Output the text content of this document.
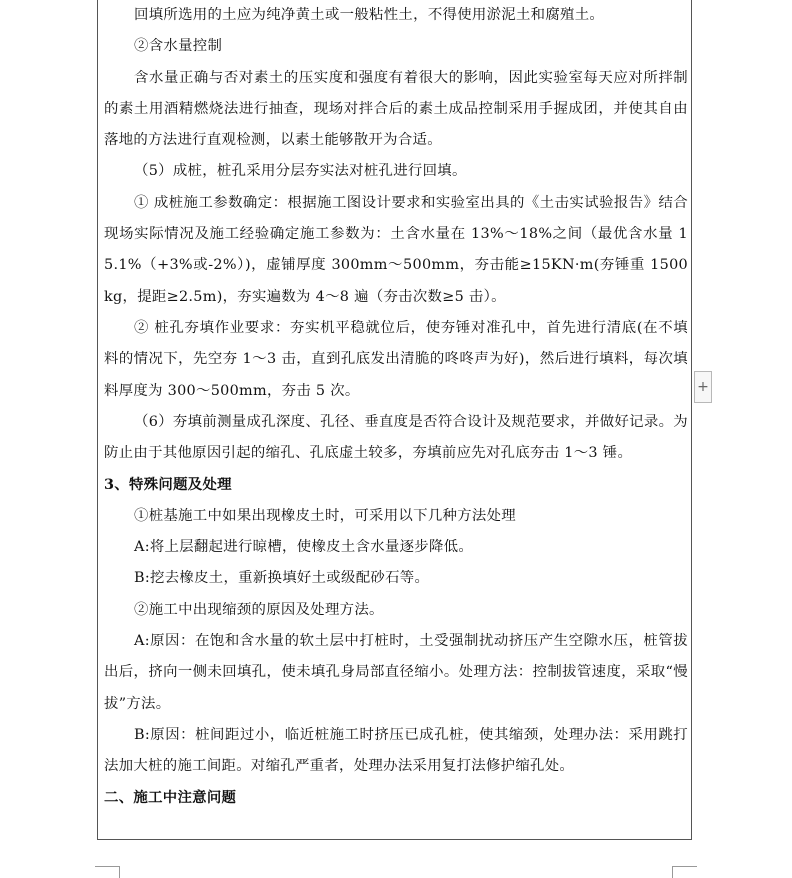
回填所选用的土应为纯净黄土或一般粘性土，不得使用淤泥土和腐殖土。

②含水量控制

含水量正确与否对素土的压实度和强度有着很大的影响，因此实验室每天应对所拌制的素土用酒精燃烧法进行抽查，现场对拌合后的素土成品控制采用手握成团，并使其自由落地的方法进行直观检测，以素土能够散开为合适。

（5）成桩，桩孔采用分层夯实法对桩孔进行回填。

① 成桩施工参数确定：根据施工图设计要求和实验室出具的《土击实试验报告》结合现场实际情况及施工经验确定施工参数为：土含水量在 13%～18%之间（最优含水量 15.1%（+3%或-2%）)，虚铺厚度 300mm～500mm，夯击能≥15KN·m(夯锤重 1500kg，提距≥2.5m)，夯实遍数为 4～8 遍（夯击次数≥5 击）。

② 桩孔夯填作业要求：夯实机平稳就位后，使夯锤对准孔中，首先进行清底(在不填料的情况下，先空夯 1～3 击，直到孔底发出清脆的咚咚声为好)，然后进行填料，每次填料厚度为 300～500mm，夯击 5 次。

（6）夯填前测量成孔深度、孔径、垂直度是否符合设计及规范要求，并做好记录。为防止由于其他原因引起的缩孔、孔底虚土较多，夯填前应先对孔底夯击 1～3 锤。

3、特殊问题及处理

①桩基施工中如果出现橡皮土时，可采用以下几种方法处理

A:将上层翻起进行晾槽，使橡皮土含水量逐步降低。

B:挖去橡皮土，重新换填好土或级配砂石等。

②施工中出现缩颈的原因及处理方法。

A:原因：在饱和含水量的软土层中打桩时，土受强制扰动挤压产生空隙水压，桩管拔出后，挤向一侧未回填孔，使未填孔身局部直径缩小。处理方法：控制拔管速度，采取“慢拔”方法。

B:原因：桩间距过小，临近桩施工时挤压已成孔桩，使其缩颈，处理办法：采用跳打法加大桩的施工间距。对缩孔严重者，处理办法采用复打法修护缩孔处。

二、施工中注意问题

+
